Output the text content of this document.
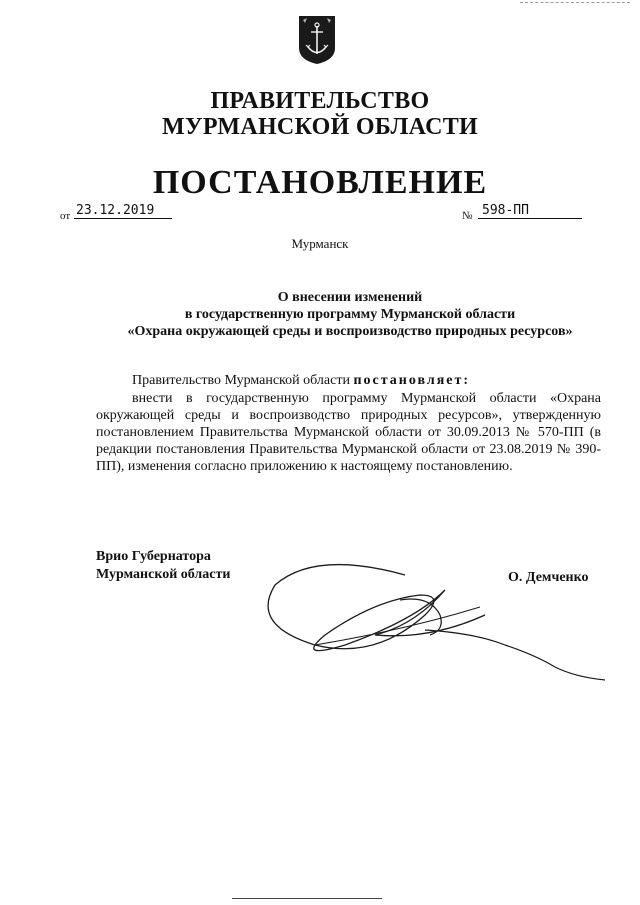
ПРАВИТЕЛЬСТВО
МУРМАНСКОЙ ОБЛАСТИ
ПОСТАНОВЛЕНИЕ
от 23.12.2019	№ 598-ПП
Мурманск
О внесении изменений
в государственную программу Мурманской области
«Охрана окружающей среды и воспроизводство природных ресурсов»
Правительство Мурманской области постановляет:
внести в государственную программу Мурманской области «Охрана окружающей среды и воспроизводство природных ресурсов», утвержденную постановлением Правительства Мурманской области от 30.09.2013 № 570-ПП (в редакции постановления Правительства Мурманской области от 23.08.2019 № 390-ПП), изменения согласно приложению к настоящему постановлению.
Врио Губернатора
Мурманской области	О. Демченко
